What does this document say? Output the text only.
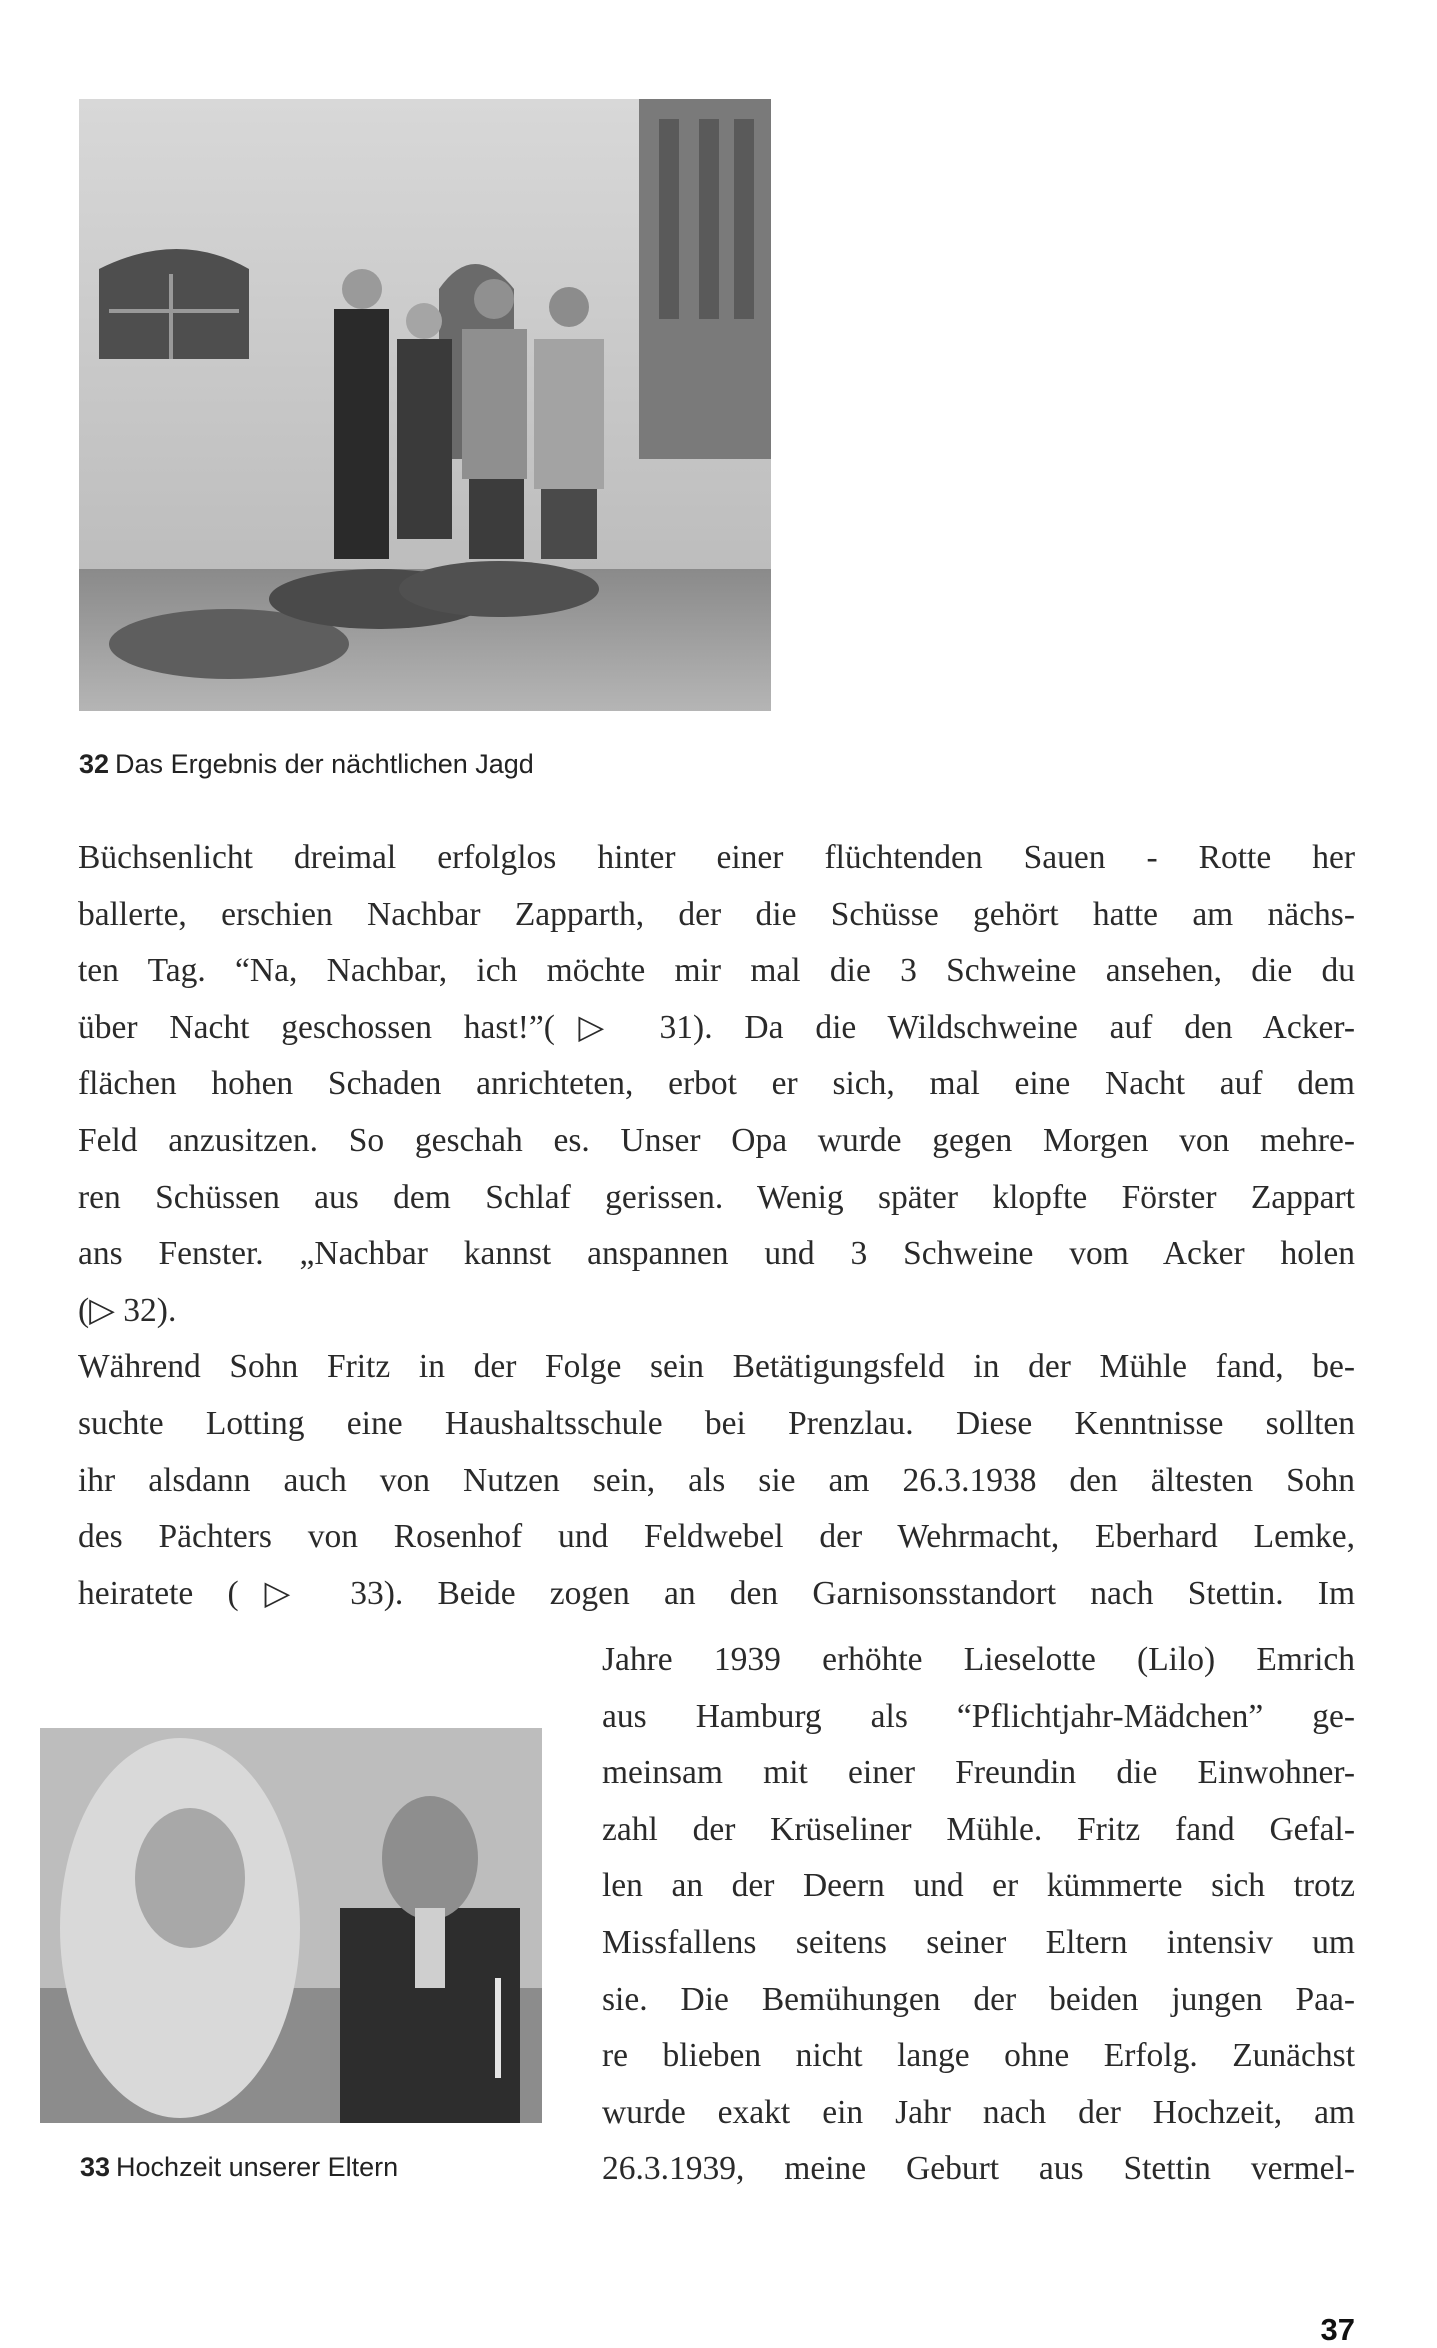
32 Das Ergebnis der nächtlichen Jagd
Büchsenlicht dreimal erfolglos hinter einer flüchtenden Sauen - Rotte her
ballerte, erschien Nachbar Zapparth, der die Schüsse gehört hatte am nächs-
ten Tag. “Na, Nachbar, ich möchte mir mal die 3 Schweine ansehen, die du
über Nacht geschossen hast!”(▷ 31). Da die Wildschweine auf den Acker-
flächen hohen Schaden anrichteten, erbot er sich, mal eine Nacht auf dem
Feld anzusitzen. So geschah es. Unser Opa wurde gegen Morgen von mehre-
ren Schüssen aus dem Schlaf gerissen. Wenig später klopfte Förster Zappart
ans Fenster. „Nachbar kannst anspannen und 3 Schweine vom Acker holen
(▷ 32).
Während Sohn Fritz in der Folge sein Betätigungsfeld in der Mühle fand, be-
suchte Lotting eine Haushaltsschule bei Prenzlau. Diese Kenntnisse sollten
ihr alsdann auch von Nutzen sein, als sie am 26.3.1938 den ältesten Sohn
des Pächters von Rosenhof und Feldwebel der Wehrmacht, Eberhard Lemke,
heiratete (▷ 33). Beide zogen an den Garnisonsstandort nach Stettin. Im
33 Hochzeit unserer Eltern
Jahre 1939 erhöhte Lieselotte (Lilo) Emrich
aus Hamburg als “Pflichtjahr-Mädchen” ge-
meinsam mit einer Freundin die Einwohner-
zahl der Krüseliner Mühle. Fritz fand Gefal-
len an der Deern und er kümmerte sich trotz
Missfallens seitens seiner Eltern intensiv um
sie. Die Bemühungen der beiden jungen Paa-
re blieben nicht lange ohne Erfolg. Zunächst
wurde exakt ein Jahr nach der Hochzeit, am
26.3.1939, meine Geburt aus Stettin vermel-
37
